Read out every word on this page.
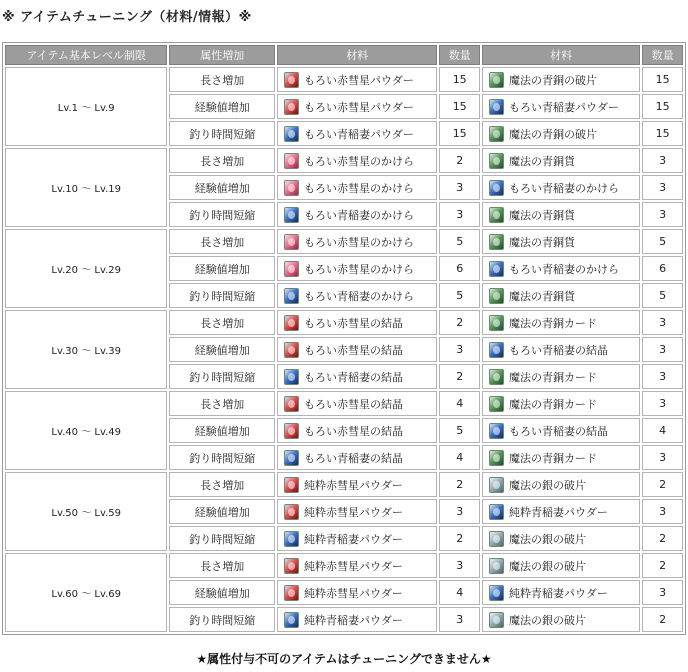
※ アイテムチューニング（材料/情報）※
アイテム基本レベル制限	属性増加	材料	数量	材料	数量
Lv.1 〜 Lv.9	長さ増加	もろい赤彗星パウダー	15	魔法の青銅の破片	15
	経験値増加	もろい赤彗星パウダー	15	もろい青稲妻パウダー	15
	釣り時間短縮	もろい青稲妻パウダー	15	魔法の青銅の破片	15
Lv.10 〜 Lv.19	長さ増加	もろい赤彗星のかけら	2	魔法の青銅貨	3
	経験値増加	もろい赤彗星のかけら	3	もろい青稲妻のかけら	3
	釣り時間短縮	もろい青稲妻のかけら	3	魔法の青銅貨	3
Lv.20 〜 Lv.29	長さ増加	もろい赤彗星のかけら	5	魔法の青銅貨	5
	経験値増加	もろい赤彗星のかけら	6	もろい青稲妻のかけら	6
	釣り時間短縮	もろい青稲妻のかけら	5	魔法の青銅貨	5
Lv.30 〜 Lv.39	長さ増加	もろい赤彗星の結晶	2	魔法の青銅カード	3
	経験値増加	もろい赤彗星の結晶	3	もろい青稲妻の結晶	3
	釣り時間短縮	もろい青稲妻の結晶	2	魔法の青銅カード	3
Lv.40 〜 Lv.49	長さ増加	もろい赤彗星の結晶	4	魔法の青銅カード	3
	経験値増加	もろい赤彗星の結晶	5	もろい青稲妻の結晶	4
	釣り時間短縮	もろい青稲妻の結晶	4	魔法の青銅カード	3
Lv.50 〜 Lv.59	長さ増加	純粋赤彗星パウダー	2	魔法の銀の破片	2
	経験値増加	純粋赤彗星パウダー	3	純粋青稲妻パウダー	3
	釣り時間短縮	純粋青稲妻パウダー	2	魔法の銀の破片	2
Lv.60 〜 Lv.69	長さ増加	純粋赤彗星パウダー	3	魔法の銀の破片	2
	経験値増加	純粋赤彗星パウダー	4	純粋青稲妻パウダー	3
	釣り時間短縮	純粋青稲妻パウダー	3	魔法の銀の破片	2
★属性付与不可のアイテムはチューニングできません★
